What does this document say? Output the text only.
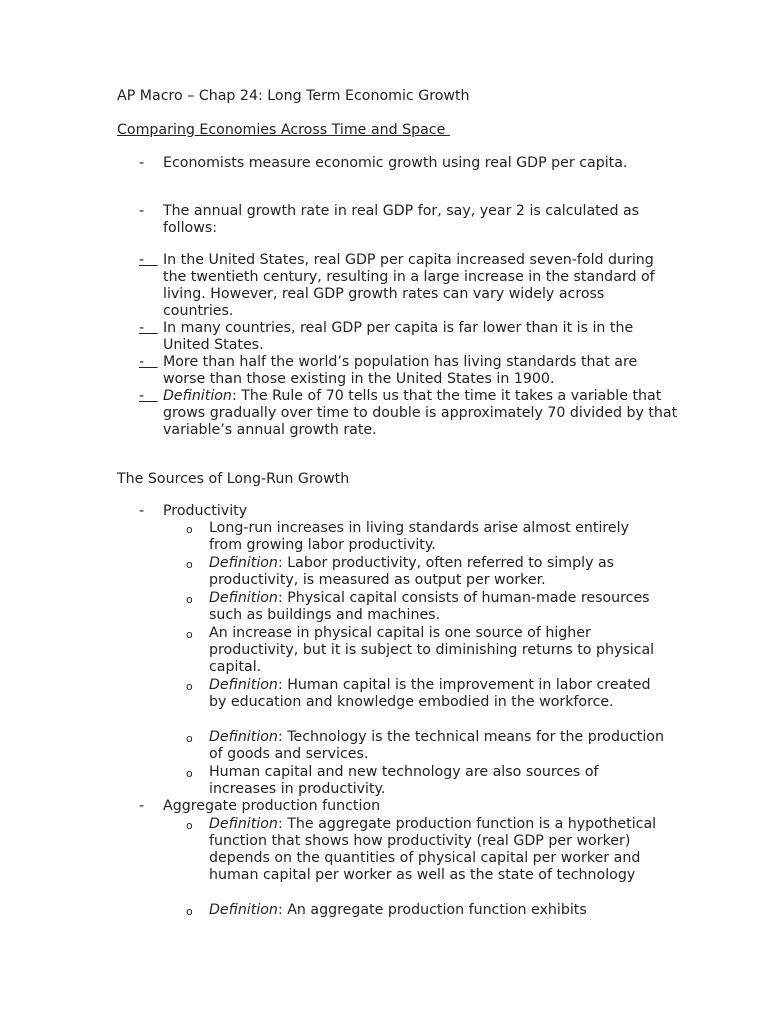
AP Macro – Chap 24: Long Term Economic Growth
Comparing Economies Across Time and Space
-	Economists measure economic growth using real GDP per capita.
-	The annual growth rate in real GDP for, say, year 2 is calculated as follows:
- In the United States, real GDP per capita increased seven-fold during the twentieth century, resulting in a large increase in the standard of living. However, real GDP growth rates can vary widely across countries.
- In many countries, real GDP per capita is far lower than it is in the United States.
- More than half the world’s population has living standards that are worse than those existing in the United States in 1900.
- Definition: The Rule of 70 tells us that the time it takes a variable that grows gradually over time to double is approximately 70 divided by that variable’s annual growth rate.
The Sources of Long-Run Growth
-	Productivity
o Long-run increases in living standards arise almost entirely from growing labor productivity.
o Definition: Labor productivity, often referred to simply as productivity, is measured as output per worker.
o Definition: Physical capital consists of human-made resources such as buildings and machines.
o An increase in physical capital is one source of higher productivity, but it is subject to diminishing returns to physical capital.
o Definition: Human capital is the improvement in labor created by education and knowledge embodied in the workforce.
o Definition: Technology is the technical means for the production of goods and services.
o Human capital and new technology are also sources of increases in productivity.
-	Aggregate production function
o Definition: The aggregate production function is a hypothetical function that shows how productivity (real GDP per worker) depends on the quantities of physical capital per worker and human capital per worker as well as the state of technology
o Definition: An aggregate production function exhibits
